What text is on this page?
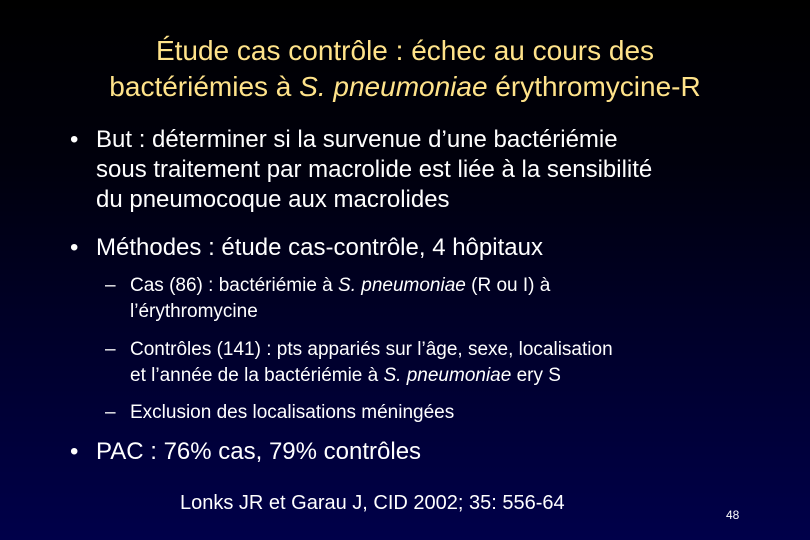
Étude cas contrôle : échec au cours des
bactériémies à S. pneumoniae érythromycine-R
• But : déterminer si la survenue d’une bactériémie
sous traitement par macrolide est liée à la sensibilité
du pneumocoque aux macrolides
• Méthodes : étude cas-contrôle, 4 hôpitaux
– Cas (86) : bactériémie à S. pneumoniae (R ou I) à
l’érythromycine
– Contrôles (141) : pts appariés sur l’âge, sexe, localisation
et l’année de la bactériémie à S. pneumoniae ery S
– Exclusion des localisations méningées
• PAC : 76% cas, 79% contrôles
Lonks JR et Garau J, CID 2002; 35: 556-64
48
